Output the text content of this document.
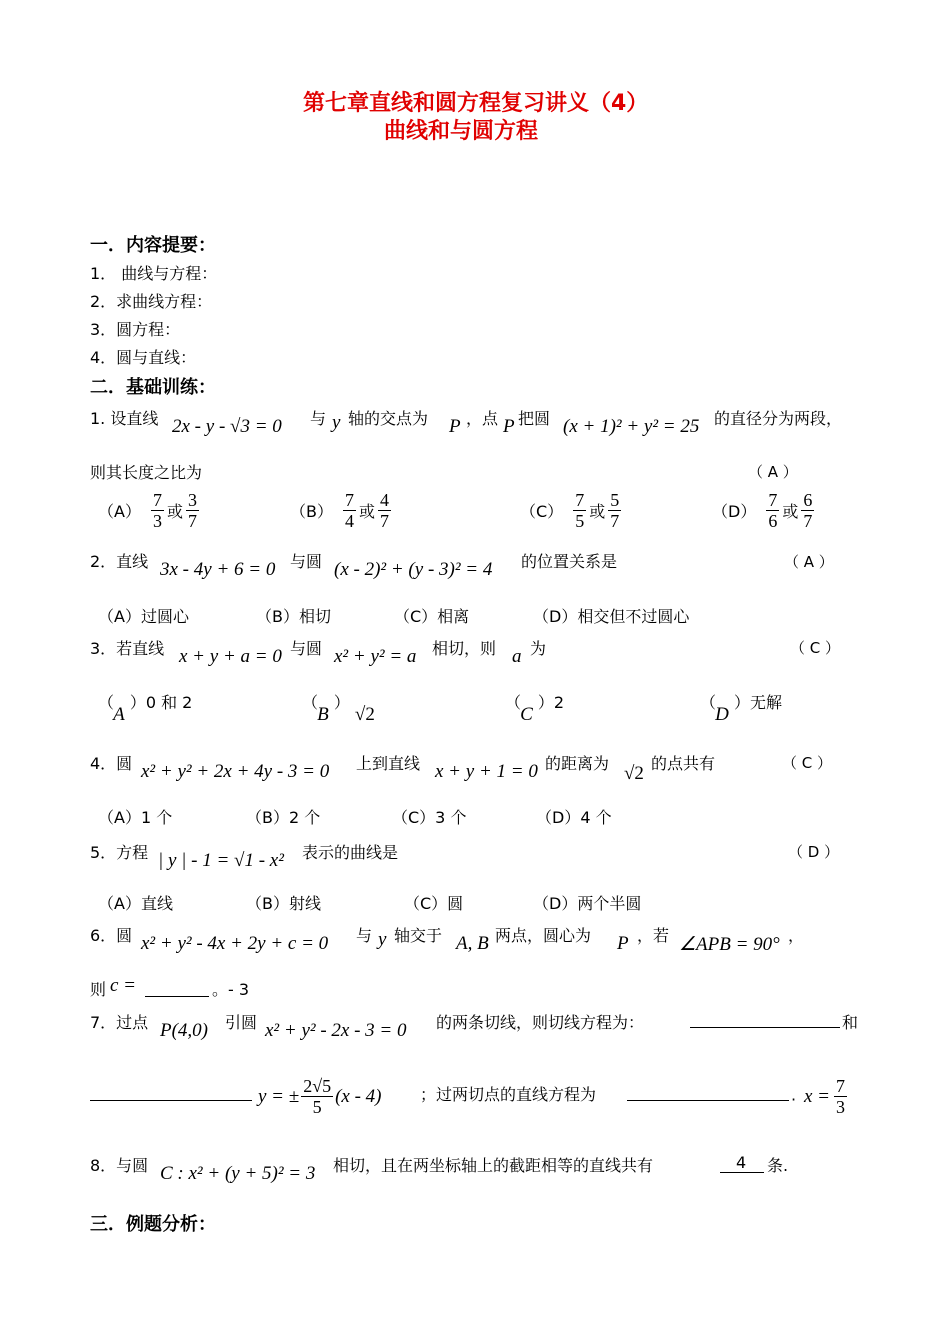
第七章直线和圆方程复习讲义（4）
曲线和与圆方程
一．内容提要：
1． 曲线与方程：
2．求曲线方程：
3．圆方程：
4．圆与直线：
二．基础训练：
1. 设直线 2x - y - √3 = 0 与 y 轴的交点为 P ，点 P 把圆 (x + 1)² + y² = 25 的直径分为两段，
则其长度之比为	（ A ）
$(A) \frac{7}{3}$ 或 $\frac{3}{7}$	$(B) \frac{7}{4}$ 或 $\frac{4}{7}$	$(C) \frac{7}{5}$ 或 $\frac{5}{7}$	$(D) \frac{7}{6}$ 或 $\frac{6}{7}$
2．直线 3x - 4y + 6 = 0 与圆 (x - 2)² + (y - 3)² = 4 的位置关系是	（ A ）
（A）过圆心	（B）相切	（C）相离	（D）相交但不过圆心
3．若直线 x + y + a = 0 与圆 x² + y² = a 相切，则 a 为	（ C ）
（ A ）0 和 2	（ B ） √2
（ C ）2	（ D ）无解
4．圆 x² + y² + 2x + 4y - 3 = 0 上到直线 x + y + 1 = 0 的距离为 √2 的点共有	（ C ）
（A）1 个	（B）2 个	（C）3 个	（D）4 个
5．方程 | y | - 1 = √1 - x² 表示的曲线是	（ D ）
（A）直线	（B）射线	（C）圆	（D）两个半圆
6．圆 x² + y² - 4x + 2y + c = 0 与 y 轴交于 A, B 两点，圆心为 P ，若 ∠APB = 90° ，
则 c =	。- 3
7．过点 P(4,0) 引圆 x² + y² - 2x - 3 = 0 的两条切线，则切线方程为：	和
y = ± $\frac{2√5}{5} (x - 4)$ ；过两切点的直线方程为	· $x = \frac{7}{3}$
8．与圆 C : x² + (y + 5)² = 3 相切，且在两坐标轴上的截距相等的直线共有	4 条.
三．例题分析：
